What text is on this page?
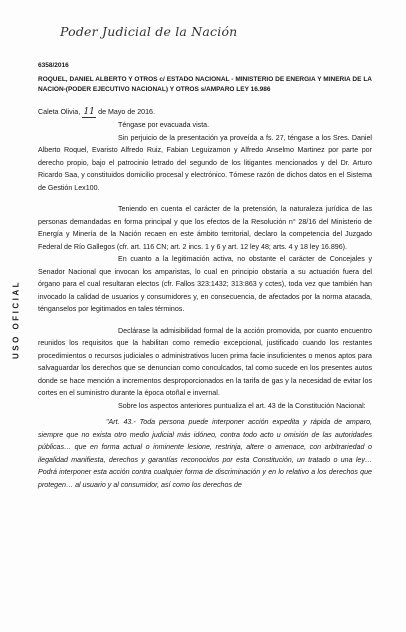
Poder Judicial de la Nación
USO OFICIAL
6358/2016
ROQUEL, DANIEL ALBERTO Y OTROS c/ ESTADO NACIONAL - MINISTERIO DE ENERGIA Y MINERIA DE LA NACION-(PODER EJECUTIVO NACIONAL) Y OTROS s/AMPARO LEY 16.986

Caleta Olivia, 11 de Mayo de 2016.

Téngase por evacuada vista.

Sin perjuicio de la presentación ya proveída a fs. 27, téngase a los Sres. Daniel Alberto Roquel, Evaristo Alfredo Ruiz, Fabian Leguizamon y Alfredo Anselmo Martinez por parte por derecho propio, bajo el patrocinio letrado del segundo de los litigantes mencionados y del Dr. Arturo Ricardo Saa, y constituidos domicilio procesal y electrónico. Tómese razón de dichos datos en el Sistema de Gestión Lex100.

Teniendo en cuenta el carácter de la pretensión, la naturaleza jurídica de las personas demandadas en forma principal y que los efectos de la Resolución n° 28/16 del Ministerio de Energía y Minería de la Nación recaen en este ámbito territorial, declaro la competencia del Juzgado Federal de Río Gallegos (cfr. art. 116 CN; art. 2 incs. 1 y 6 y art. 12 ley 48; arts. 4 y 18 ley 16.896).

En cuanto a la legitimación activa, no obstante el carácter de Concejales y Senador Nacional que invocan los amparistas, lo cual en principio obstaría a su actuación fuera del órgano para el cual resultaran electos (cfr. Fallos 323:1432; 313:863 y cctes), toda vez que también han invocado la calidad de usuarios y consumidores y, en consecuencia, de afectados por la norma atacada, ténganselos por legitimados en tales términos.

Declárase la admisibilidad formal de la acción promovida, por cuanto encuentro reunidos los requisitos que la habilitan como remedio excepcional, justificado cuando los restantes procedimientos o recursos judiciales o administrativos lucen prima facie insuficientes o menos aptos para salvaguardar los derechos que se denuncian como conculcados, tal como sucede en los presentes autos donde se hace mención a incrementos desproporcionados en la tarifa de gas y la necesidad de evitar los cortes en el suministro durante la época otoñal e invernal.

Sobre los aspectos anteriores puntualiza el art. 43 de la Constitución Nacional:

"Art. 43.- Toda persona puede interponer acción expedita y rápida de amparo, siempre que no exista otro medio judicial más idóneo, contra todo acto u omisión de las autoridades públicas… que en forma actual o inminente lesione, restrinja, altere o amenace, con arbitrariedad o ilegalidad manifiesta, derechos y garantías reconocidos por esta Constitución, un tratado o una ley… Podrá interponer esta acción contra cualquier forma de discriminación y en lo relativo a los derechos que protegen… al usuario y al consumidor, así como los derechos de
